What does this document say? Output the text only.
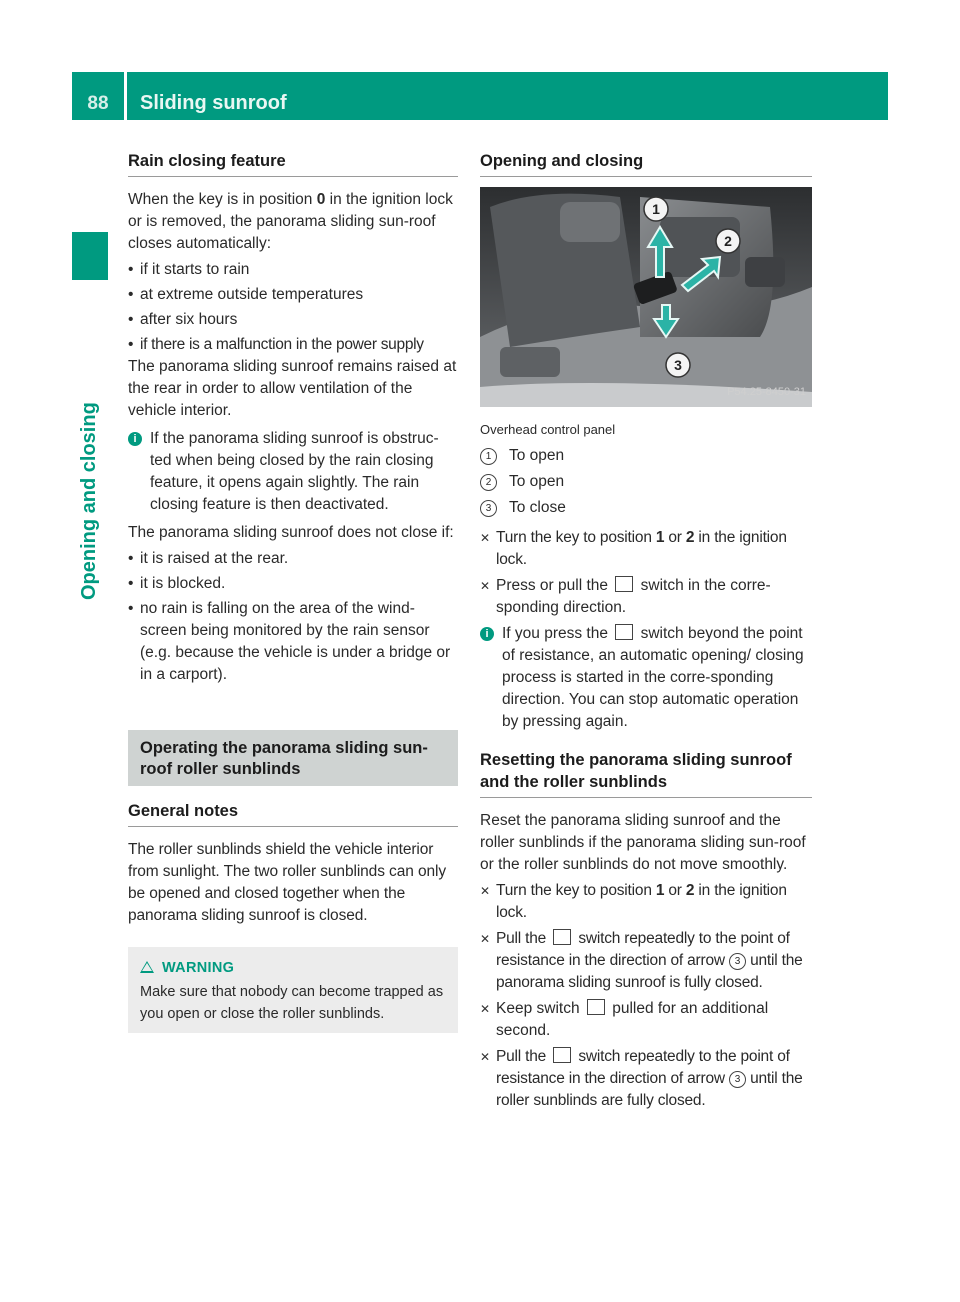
88	Sliding sunroof
Opening and closing
Rain closing feature

When the key is in position 0 in the ignition lock or is removed, the panorama sliding sun-roof closes automatically:

• if it starts to rain

• at extreme outside temperatures

• after six hours

• if there is a malfunction in the power supply

The panorama sliding sunroof remains raised at the rear in order to allow ventilation of the vehicle interior.

i If the panorama sliding sunroof is obstruc-ted when being closed by the rain closing feature, it opens again slightly. The rain closing feature is then deactivated.

The panorama sliding sunroof does not close if:

• it is raised at the rear.

• it is blocked.

• no rain is falling on the area of the wind-screen being monitored by the rain sensor (e.g. because the vehicle is under a bridge or in a carport).

Operating the panorama sliding sun-roof roller sunblinds
General notes

The roller sunblinds shield the vehicle interior from sunlight. The two roller sunblinds can only be opened and closed together when the panorama sliding sunroof is closed.

WARNING

Make sure that nobody can become trapped as you open or close the roller sunblinds.

Opening and closing
1
2
3
P54.25-8450-31

Overhead control panel

1	To open
2	To open
3	To close

✕ Turn the key to position 1 or 2 in the ignition lock.

✕ Press or pull the  switch in the corre-sponding direction.

i If you press the  switch beyond the point of resistance, an automatic opening/ closing process is started in the corre-sponding direction. You can stop automatic operation by pressing again.

Resetting the panorama sliding sunroof and the roller sunblinds

Reset the panorama sliding sunroof and the roller sunblinds if the panorama sliding sun-roof or the roller sunblinds do not move smoothly.

✕ Turn the key to position 1 or 2 in the ignition lock.

✕ Pull the  switch repeatedly to the point of resistance in the direction of arrow 3 until the panorama sliding sunroof is fully closed.

✕ Keep switch  pulled for an additional second.

✕ Pull the  switch repeatedly to the point of resistance in the direction of arrow 3 until the roller sunblinds are fully closed.
